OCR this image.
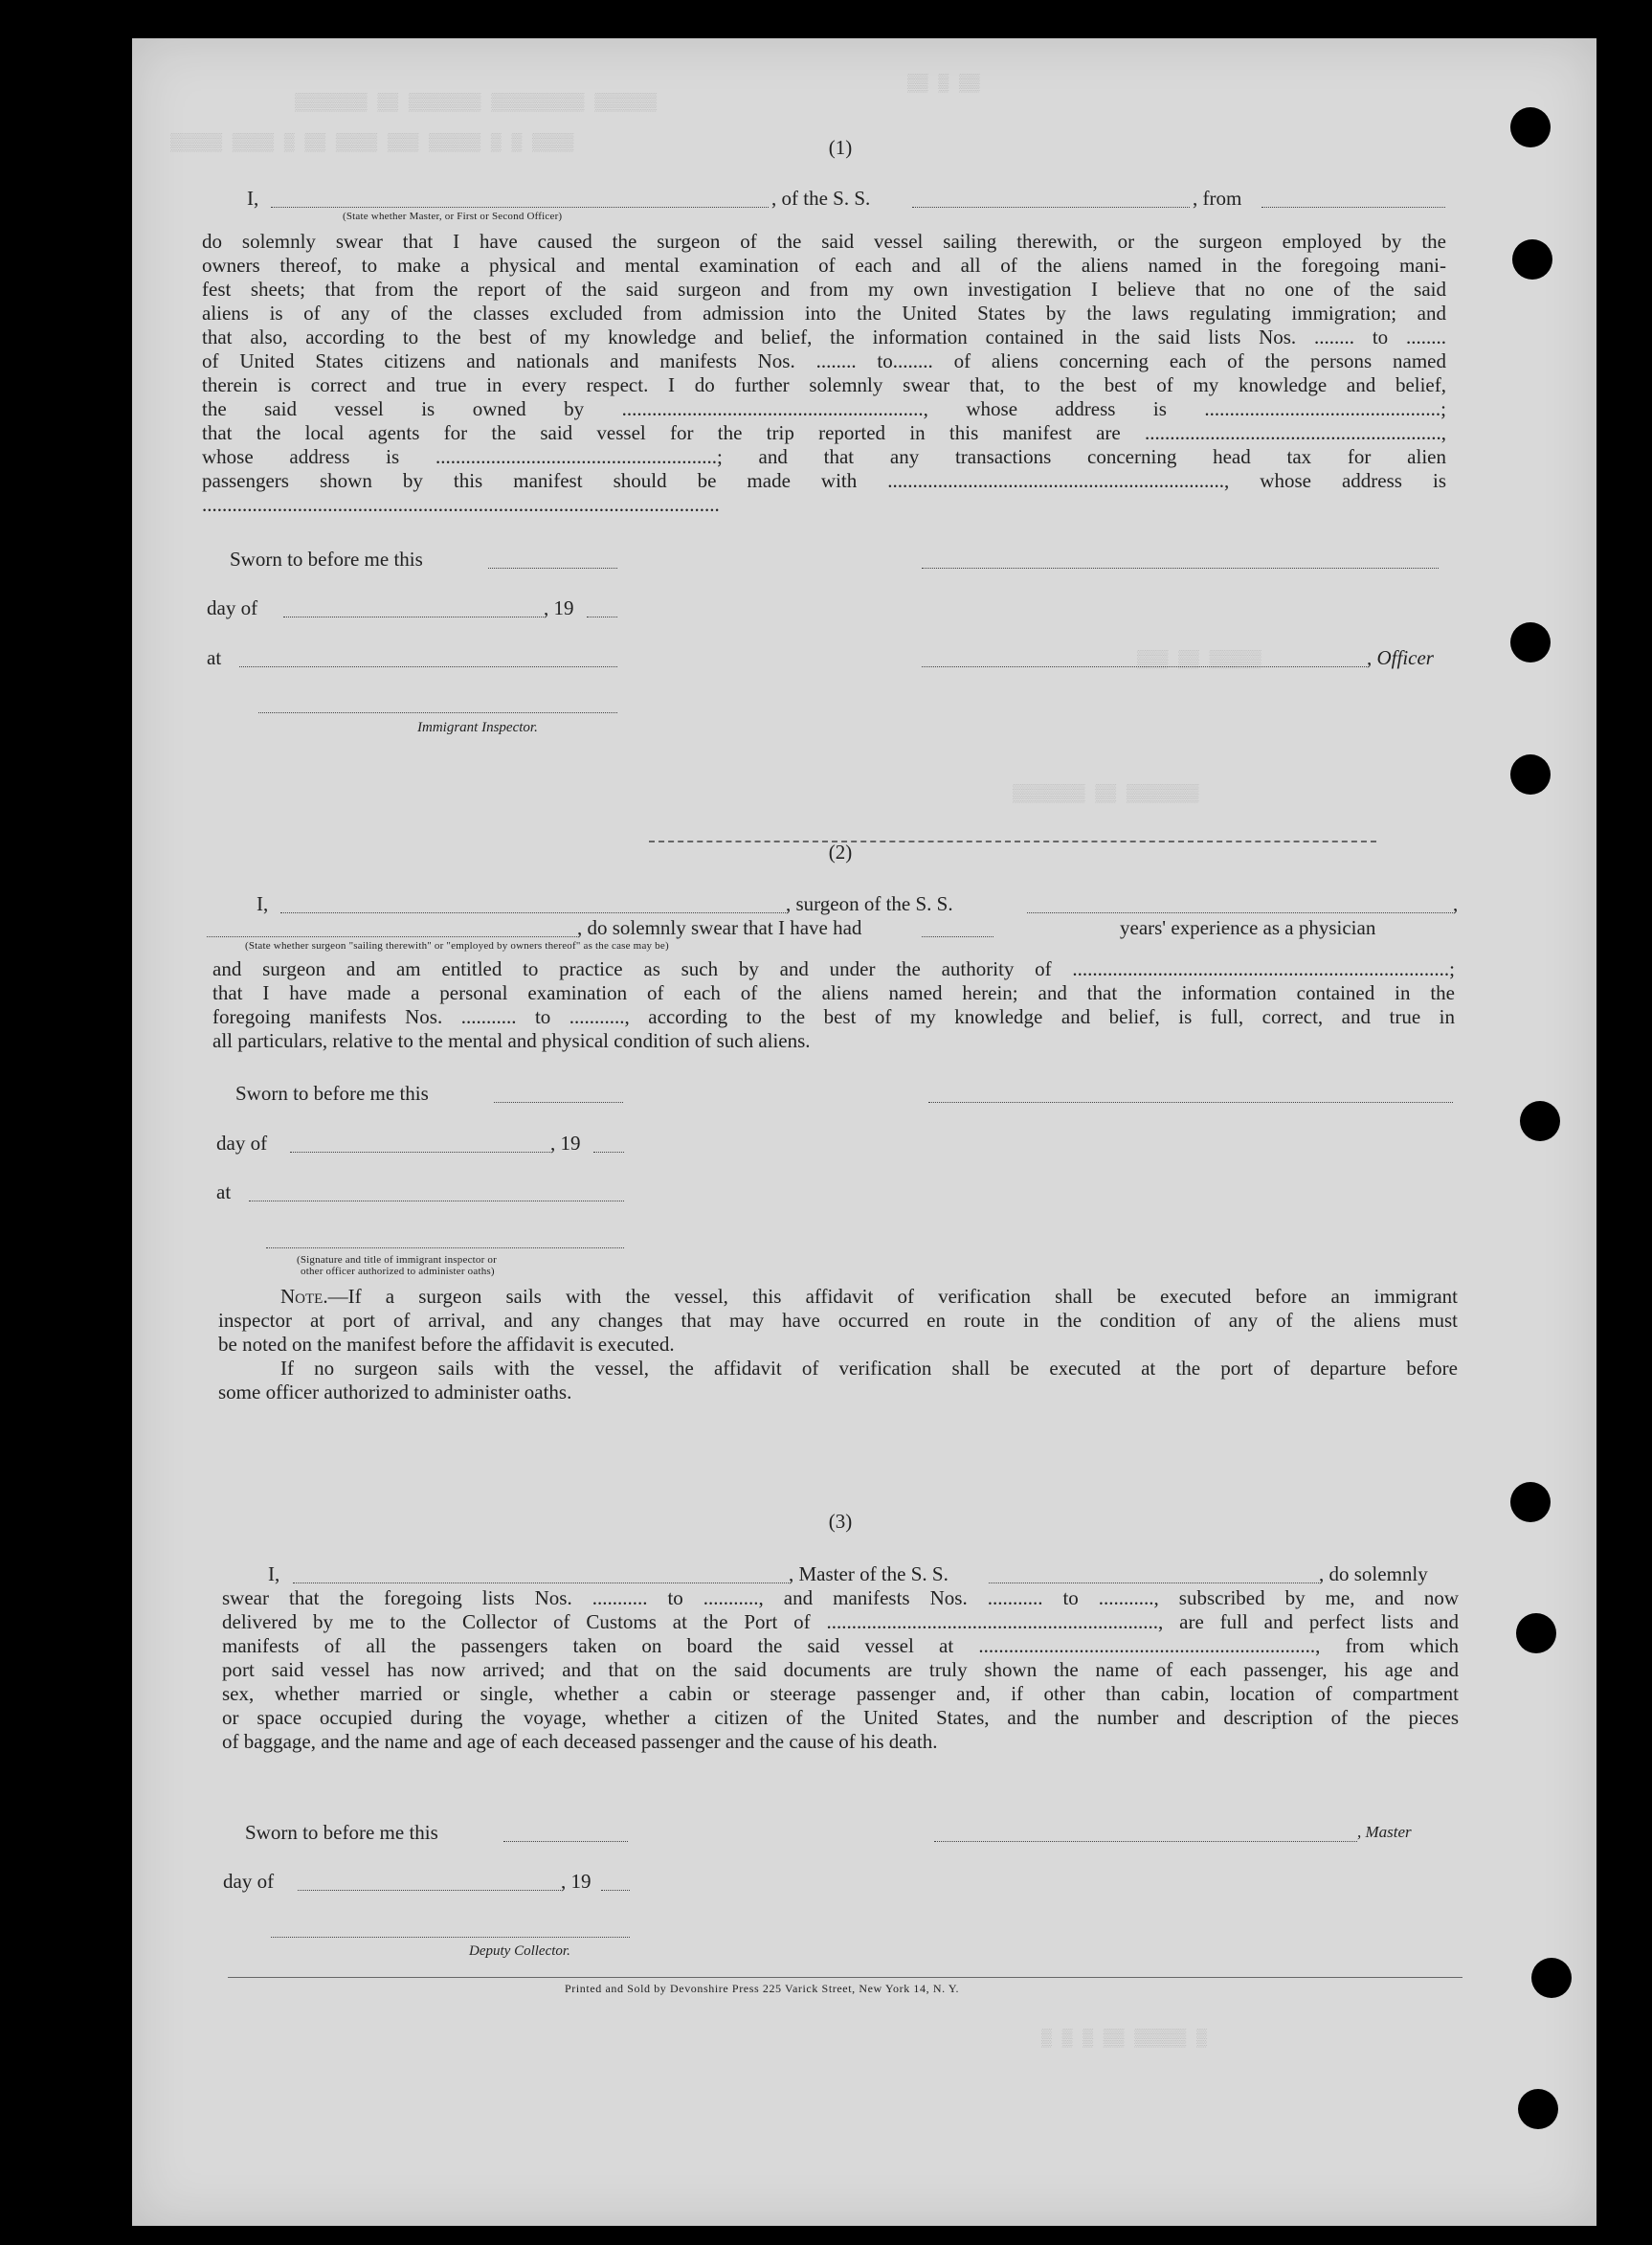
▒▒▒▒▒▒▒ ▒▒ ▒▒▒▒▒▒▒ ▒▒▒▒▒▒▒▒▒ ▒▒▒▒▒▒
▒▒ ▒ ▒▒
▒▒▒▒▒ ▒▒▒▒ ▒ ▒▒ ▒▒▒▒ ▒▒▒ ▒▒▒▒▒ ▒ ▒ ▒▒▒▒
▒▒▒ ▒▒ ▒▒▒▒▒
▒▒▒▒▒▒▒ ▒▒ ▒▒▒▒▒▒▒
▒ ▒ ▒ ▒▒ ▒▒▒▒▒ ▒
(1)
I,	, of the S. S.	, from
(State whether Master, or First or Second Officer)
do solemnly swear that I have caused the surgeon of the said vessel sailing therewith, or the surgeon employed by the
owners thereof, to make a physical and mental examination of each and all of the aliens named in the foregoing mani-
fest sheets; that from the report of the said surgeon and from my own investigation I believe that no one of the said
aliens is of any of the classes excluded from admission into the United States by the laws regulating immigration; and
that also, according to the best of my knowledge and belief, the information contained in the said lists Nos. ........ to ........
of United States citizens and nationals and manifests Nos. ........ to........ of aliens concerning each of the persons named
therein is correct and true in every respect. I do further solemnly swear that, to the best of my knowledge and belief,
the said vessel is owned by ............................................................, whose address is ...............................................;
that the local agents for the said vessel for the trip reported in this manifest are ...........................................................,
whose address is ........................................................; and that any transactions concerning head tax for alien
passengers shown by this manifest should be made with ..................................................................., whose address is
.......................................................................................................
Sworn to before me this
day of	, 19
at	, Officer
Immigrant Inspector.
(2)
I,	, surgeon of the S. S.	,
, do solemnly swear that I have had	years' experience as a physician
(State whether surgeon "sailing therewith" or "employed by owners thereof" as the case may be)
and surgeon and am entitled to practice as such by and under the authority of ...........................................................................;
that I have made a personal examination of each of the aliens named herein; and that the information contained in the
foregoing manifests Nos. ........... to ..........., according to the best of my knowledge and belief, is full, correct, and true in
all particulars, relative to the mental and physical condition of such aliens.
Sworn to before me this
day of	, 19
at
(Signature and title of immigrant inspector or
other officer authorized to administer oaths)
Note.—If a surgeon sails with the vessel, this affidavit of verification shall be executed before an immigrant
inspector at port of arrival, and any changes that may have occurred en route in the condition of any of the aliens must
be noted on the manifest before the affidavit is executed.
If no surgeon sails with the vessel, the affidavit of verification shall be executed at the port of departure before
some officer authorized to administer oaths.
(3)
I,	, Master of the S. S.	, do solemnly
swear that the foregoing lists Nos. ........... to ..........., and manifests Nos. ........... to ..........., subscribed by me, and now
delivered by me to the Collector of Customs at the Port of .................................................................., are full and perfect lists and
manifests of all the passengers taken on board the said vessel at ..................................................................., from which
port said vessel has now arrived; and that on the said documents are truly shown the name of each passenger, his age and
sex, whether married or single, whether a cabin or steerage passenger and, if other than cabin, location of compartment
or space occupied during the voyage, whether a citizen of the United States, and the number and description of the pieces
of baggage, and the name and age of each deceased passenger and the cause of his death.
Sworn to before me this	, Master
day of	, 19
Deputy Collector.
Printed and Sold by Devonshire Press 225 Varick Street, New York 14, N. Y.
